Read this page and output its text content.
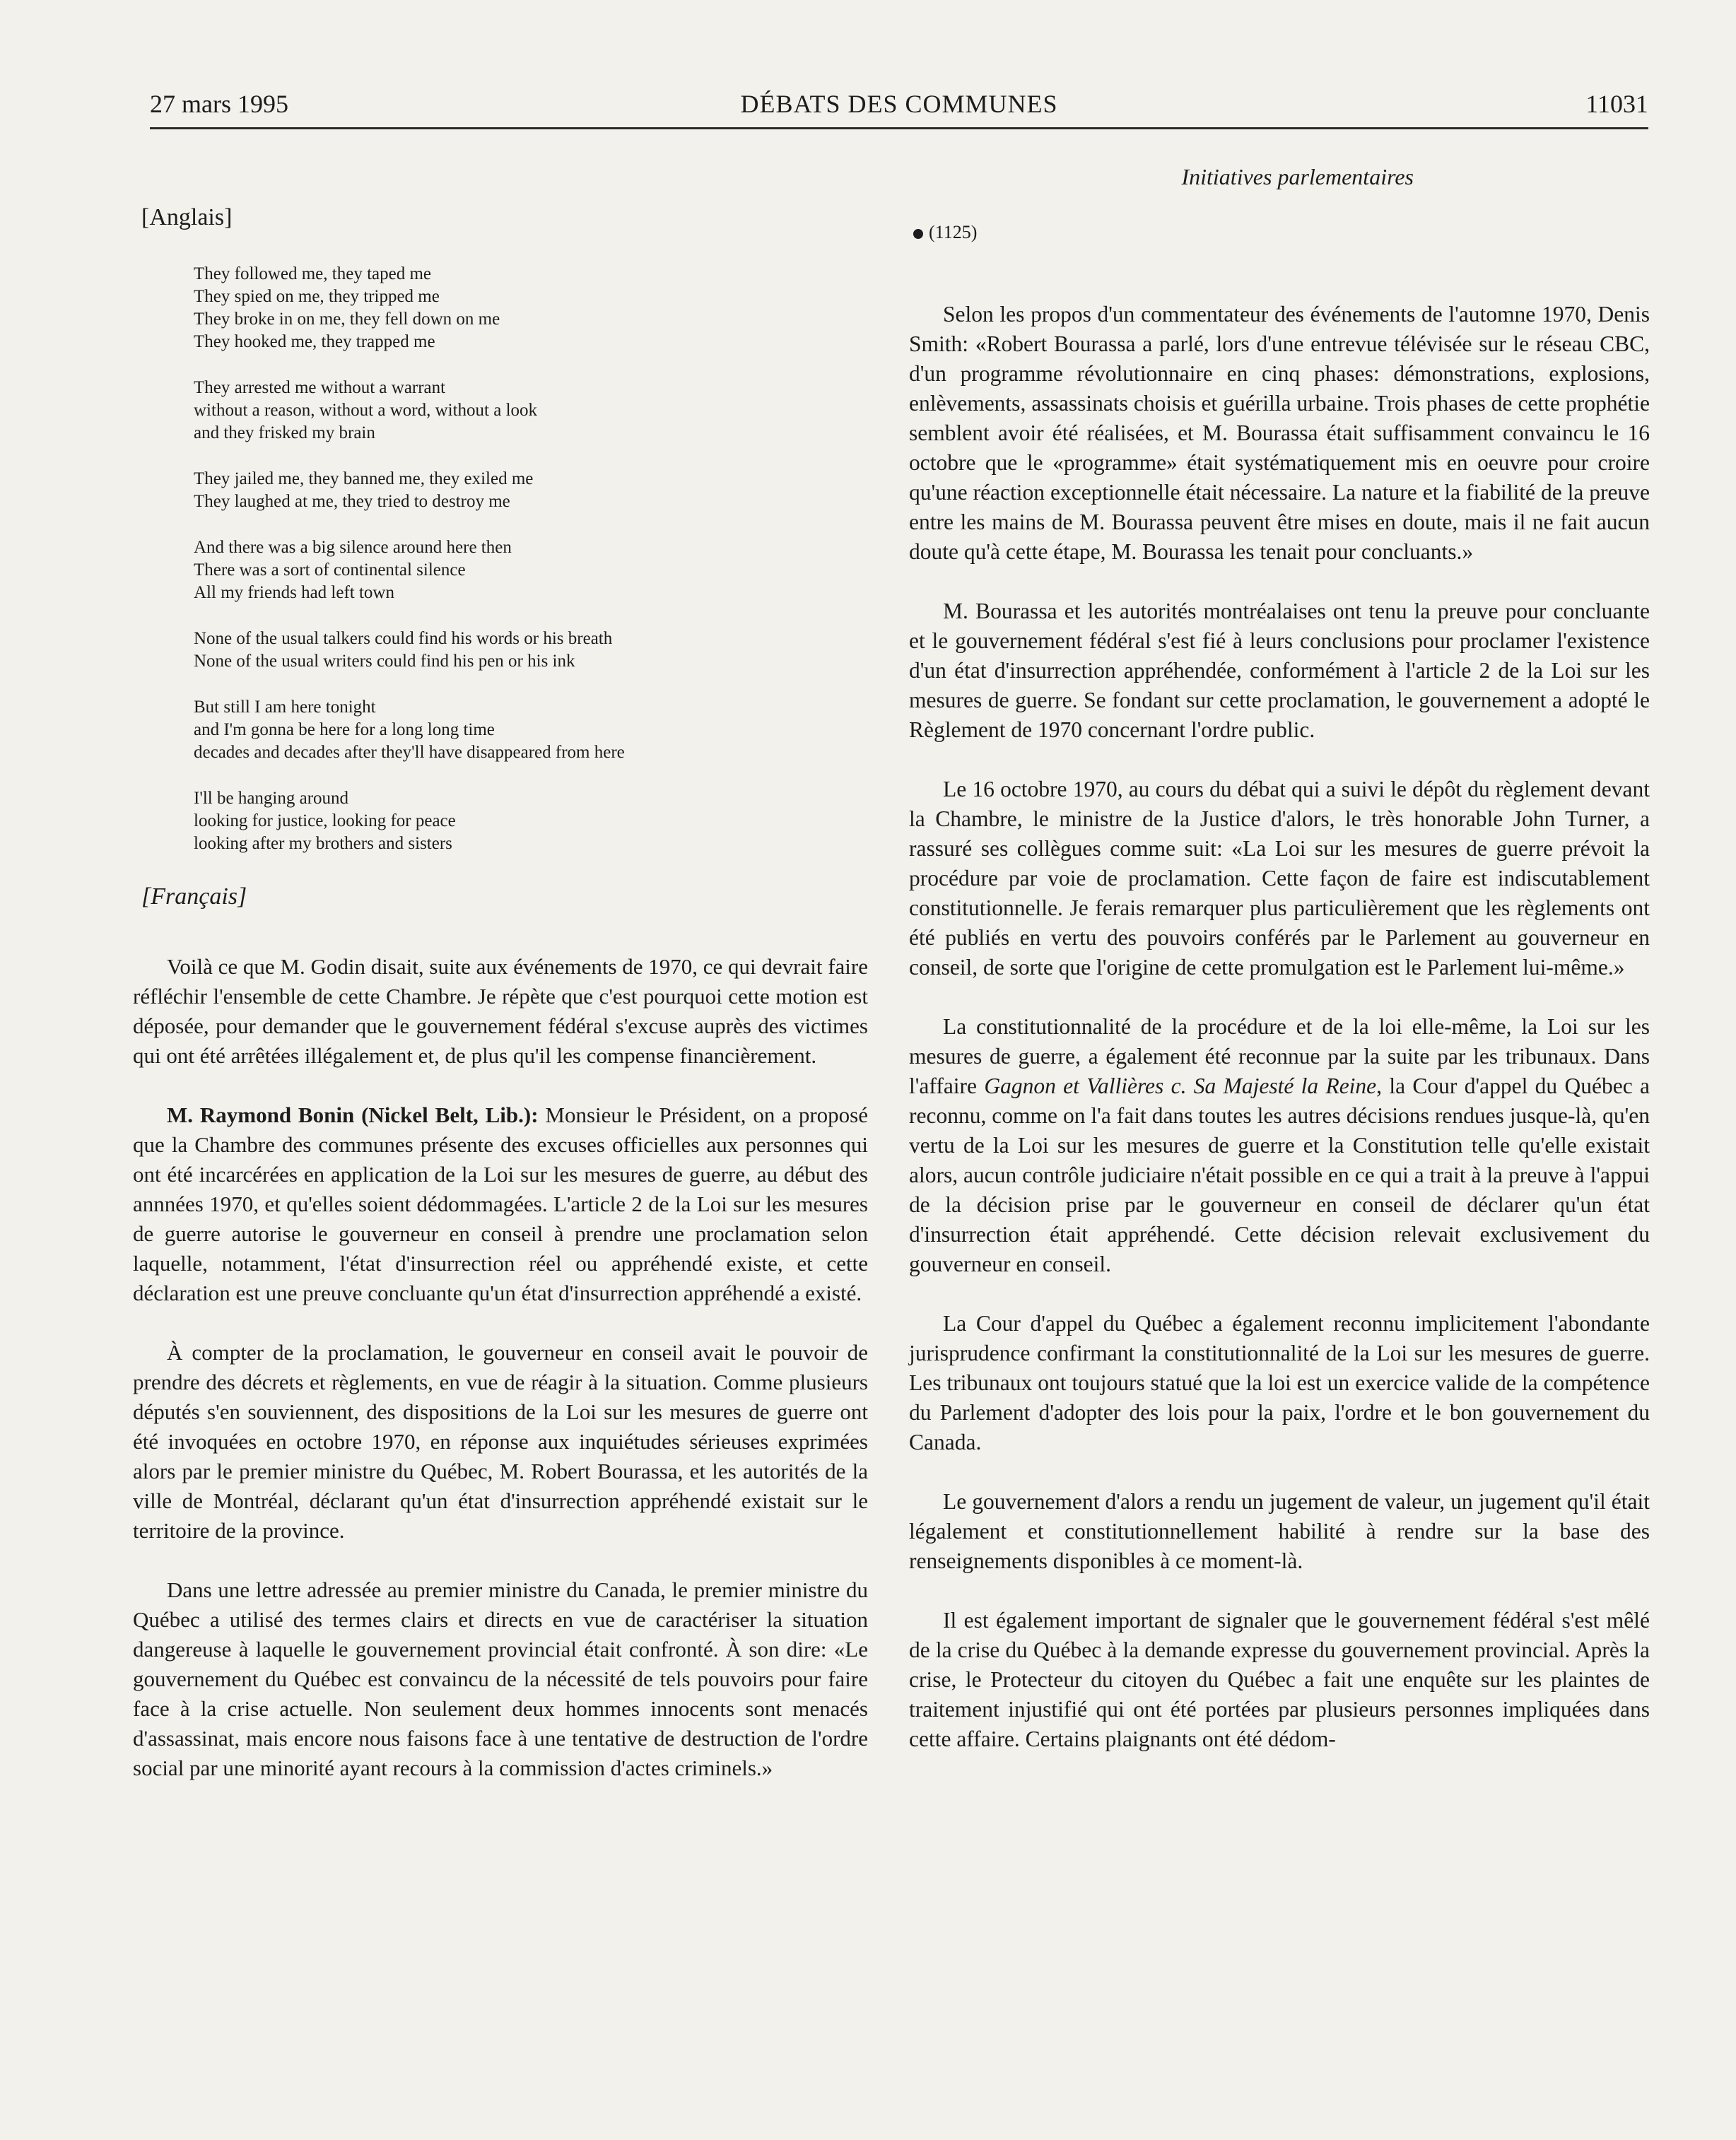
27 mars 1995	DÉBATS DES COMMUNES	11031
Initiatives parlementaires
[Anglais]
They followed me, they taped me
They spied on me, they tripped me
They broke in on me, they fell down on me
They hooked me, they trapped me
They arrested me without a warrant
without a reason, without a word, without a look
and they frisked my brain
They jailed me, they banned me, they exiled me
They laughed at me, they tried to destroy me
And there was a big silence around here then
There was a sort of continental silence
All my friends had left town
None of the usual talkers could find his words or his breath
None of the usual writers could find his pen or his ink
But still I am here tonight
and I'm gonna be here for a long long time
decades and decades after they'll have disappeared from here
I'll be hanging around
looking for justice, looking for peace
looking after my brothers and sisters
[Français]

Voilà ce que M. Godin disait, suite aux événements de 1970, ce qui devrait faire réfléchir l'ensemble de cette Chambre. Je répète que c'est pourquoi cette motion est déposée, pour demander que le gouvernement fédéral s'excuse auprès des victimes qui ont été arrêtées illégalement et, de plus qu'il les compense financièrement.

M. Raymond Bonin (Nickel Belt, Lib.): Monsieur le Président, on a proposé que la Chambre des communes présente des excuses officielles aux personnes qui ont été incarcérées en application de la Loi sur les mesures de guerre, au début des annnées 1970, et qu'elles soient dédommagées. L'article 2 de la Loi sur les mesures de guerre autorise le gouverneur en conseil à prendre une proclamation selon laquelle, notamment, l'état d'insurrection réel ou appréhendé existe, et cette déclaration est une preuve concluante qu'un état d'insurrection appréhendé a existé.

À compter de la proclamation, le gouverneur en conseil avait le pouvoir de prendre des décrets et règlements, en vue de réagir à la situation. Comme plusieurs députés s'en souviennent, des dispositions de la Loi sur les mesures de guerre ont été invoquées en octobre 1970, en réponse aux inquiétudes sérieuses exprimées alors par le premier ministre du Québec, M. Robert Bourassa, et les autorités de la ville de Montréal, déclarant qu'un état d'insurrection appréhendé existait sur le territoire de la province.

Dans une lettre adressée au premier ministre du Canada, le premier ministre du Québec a utilisé des termes clairs et directs en vue de caractériser la situation dangereuse à laquelle le gouvernement provincial était confronté. À son dire: «Le gouvernement du Québec est convaincu de la nécessité de tels pouvoirs pour faire face à la crise actuelle. Non seulement deux hommes innocents sont menacés d'assassinat, mais encore nous faisons face à une tentative de destruction de l'ordre social par une minorité ayant recours à la commission d'actes criminels.»

(1125)

Selon les propos d'un commentateur des événements de l'automne 1970, Denis Smith: «Robert Bourassa a parlé, lors d'une entrevue télévisée sur le réseau CBC, d'un programme révolutionnaire en cinq phases: démonstrations, explosions, enlèvements, assassinats choisis et guérilla urbaine. Trois phases de cette prophétie semblent avoir été réalisées, et M. Bourassa était suffisamment convaincu le 16 octobre que le «programme» était systématiquement mis en oeuvre pour croire qu'une réaction exceptionnelle était nécessaire. La nature et la fiabilité de la preuve entre les mains de M. Bourassa peuvent être mises en doute, mais il ne fait aucun doute qu'à cette étape, M. Bourassa les tenait pour concluants.»

M. Bourassa et les autorités montréalaises ont tenu la preuve pour concluante et le gouvernement fédéral s'est fié à leurs conclusions pour proclamer l'existence d'un état d'insurrection appréhendée, conformément à l'article 2 de la Loi sur les mesures de guerre. Se fondant sur cette proclamation, le gouvernement a adopté le Règlement de 1970 concernant l'ordre public.

Le 16 octobre 1970, au cours du débat qui a suivi le dépôt du règlement devant la Chambre, le ministre de la Justice d'alors, le très honorable John Turner, a rassuré ses collègues comme suit: «La Loi sur les mesures de guerre prévoit la procédure par voie de proclamation. Cette façon de faire est indiscutablement constitutionnelle. Je ferais remarquer plus particulièrement que les règlements ont été publiés en vertu des pouvoirs conférés par le Parlement au gouverneur en conseil, de sorte que l'origine de cette promulgation est le Parlement lui-même.»

La constitutionnalité de la procédure et de la loi elle-même, la Loi sur les mesures de guerre, a également été reconnue par la suite par les tribunaux. Dans l'affaire Gagnon et Vallières c. Sa Majesté la Reine, la Cour d'appel du Québec a reconnu, comme on l'a fait dans toutes les autres décisions rendues jusque-là, qu'en vertu de la Loi sur les mesures de guerre et la Constitution telle qu'elle existait alors, aucun contrôle judiciaire n'était possible en ce qui a trait à la preuve à l'appui de la décision prise par le gouverneur en conseil de déclarer qu'un état d'insurrection était appréhendé. Cette décision relevait exclusivement du gouverneur en conseil.

La Cour d'appel du Québec a également reconnu implicitement l'abondante jurisprudence confirmant la constitutionnalité de la Loi sur les mesures de guerre. Les tribunaux ont toujours statué que la loi est un exercice valide de la compétence du Parlement d'adopter des lois pour la paix, l'ordre et le bon gouvernement du Canada.

Le gouvernement d'alors a rendu un jugement de valeur, un jugement qu'il était légalement et constitutionnellement habilité à rendre sur la base des renseignements disponibles à ce moment-là.

Il est également important de signaler que le gouvernement fédéral s'est mêlé de la crise du Québec à la demande expresse du gouvernement provincial. Après la crise, le Protecteur du citoyen du Québec a fait une enquête sur les plaintes de traitement injustifié qui ont été portées par plusieurs personnes impliquées dans cette affaire. Certains plaignants ont été dédom-
